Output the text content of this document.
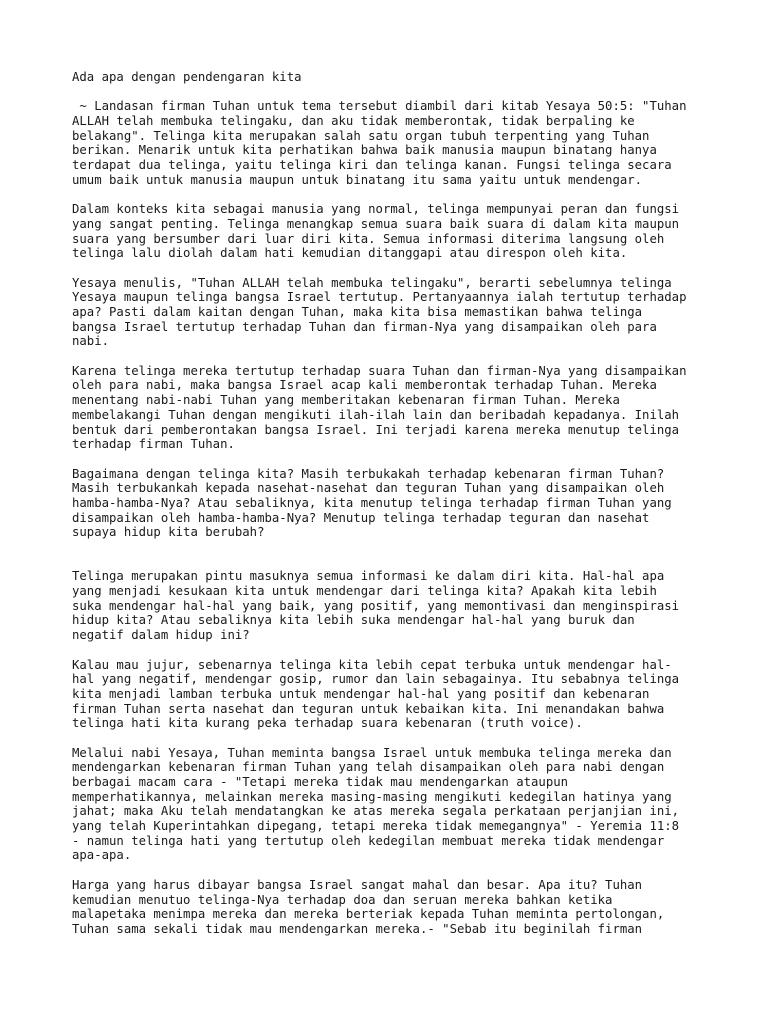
Ada apa dengan pendengaran kita
~ Landasan firman Tuhan untuk tema tersebut diambil dari kitab Yesaya 50:5: "Tuhan
ALLAH telah membuka telingaku, dan aku tidak memberontak, tidak berpaling ke
belakang". Telinga kita merupakan salah satu organ tubuh terpenting yang Tuhan
berikan. Menarik untuk kita perhatikan bahwa baik manusia maupun binatang hanya
terdapat dua telinga, yaitu telinga kiri dan telinga kanan. Fungsi telinga secara
umum baik untuk manusia maupun untuk binatang itu sama yaitu untuk mendengar.
Dalam konteks kita sebagai manusia yang normal, telinga mempunyai peran dan fungsi
yang sangat penting. Telinga menangkap semua suara baik suara di dalam kita maupun
suara yang bersumber dari luar diri kita. Semua informasi diterima langsung oleh
telinga lalu diolah dalam hati kemudian ditanggapi atau direspon oleh kita.
Yesaya menulis, "Tuhan ALLAH telah membuka telingaku", berarti sebelumnya telinga
Yesaya maupun telinga bangsa Israel tertutup. Pertanyaannya ialah tertutup terhadap
apa? Pasti dalam kaitan dengan Tuhan, maka kita bisa memastikan bahwa telinga
bangsa Israel tertutup terhadap Tuhan dan firman-Nya yang disampaikan oleh para
nabi.
Karena telinga mereka tertutup terhadap suara Tuhan dan firman-Nya yang disampaikan
oleh para nabi, maka bangsa Israel acap kali memberontak terhadap Tuhan. Mereka
menentang nabi-nabi Tuhan yang memberitakan kebenaran firman Tuhan. Mereka
membelakangi Tuhan dengan mengikuti ilah-ilah lain dan beribadah kepadanya. Inilah
bentuk dari pemberontakan bangsa Israel. Ini terjadi karena mereka menutup telinga
terhadap firman Tuhan.
Bagaimana dengan telinga kita? Masih terbukakah terhadap kebenaran firman Tuhan?
Masih terbukankah kepada nasehat-nasehat dan teguran Tuhan yang disampaikan oleh
hamba-hamba-Nya? Atau sebaliknya, kita menutup telinga terhadap firman Tuhan yang
disampaikan oleh hamba-hamba-Nya? Menutup telinga terhadap teguran dan nasehat
supaya hidup kita berubah?
Telinga merupakan pintu masuknya semua informasi ke dalam diri kita. Hal-hal apa
yang menjadi kesukaan kita untuk mendengar dari telinga kita? Apakah kita lebih
suka mendengar hal-hal yang baik, yang positif, yang memontivasi dan menginspirasi
hidup kita? Atau sebaliknya kita lebih suka mendengar hal-hal yang buruk dan
negatif dalam hidup ini?
Kalau mau jujur, sebenarnya telinga kita lebih cepat terbuka untuk mendengar hal-
hal yang negatif, mendengar gosip, rumor dan lain sebagainya. Itu sebabnya telinga
kita menjadi lamban terbuka untuk mendengar hal-hal yang positif dan kebenaran
firman Tuhan serta nasehat dan teguran untuk kebaikan kita. Ini menandakan bahwa
telinga hati kita kurang peka terhadap suara kebenaran (truth voice).
Melalui nabi Yesaya, Tuhan meminta bangsa Israel untuk membuka telinga mereka dan
mendengarkan kebenaran firman Tuhan yang telah disampaikan oleh para nabi dengan
berbagai macam cara - "Tetapi mereka tidak mau mendengarkan ataupun
memperhatikannya, melainkan mereka masing-masing mengikuti kedegilan hatinya yang
jahat; maka Aku telah mendatangkan ke atas mereka segala perkataan perjanjian ini,
yang telah Kuperintahkan dipegang, tetapi mereka tidak memegangnya" - Yeremia 11:8
- namun telinga hati yang tertutup oleh kedegilan membuat mereka tidak mendengar
apa-apa.
Harga yang harus dibayar bangsa Israel sangat mahal dan besar. Apa itu? Tuhan
kemudian menutuo telinga-Nya terhadap doa dan seruan mereka bahkan ketika
malapetaka menimpa mereka dan mereka berteriak kepada Tuhan meminta pertolongan,
Tuhan sama sekali tidak mau mendengarkan mereka.- "Sebab itu beginilah firman
